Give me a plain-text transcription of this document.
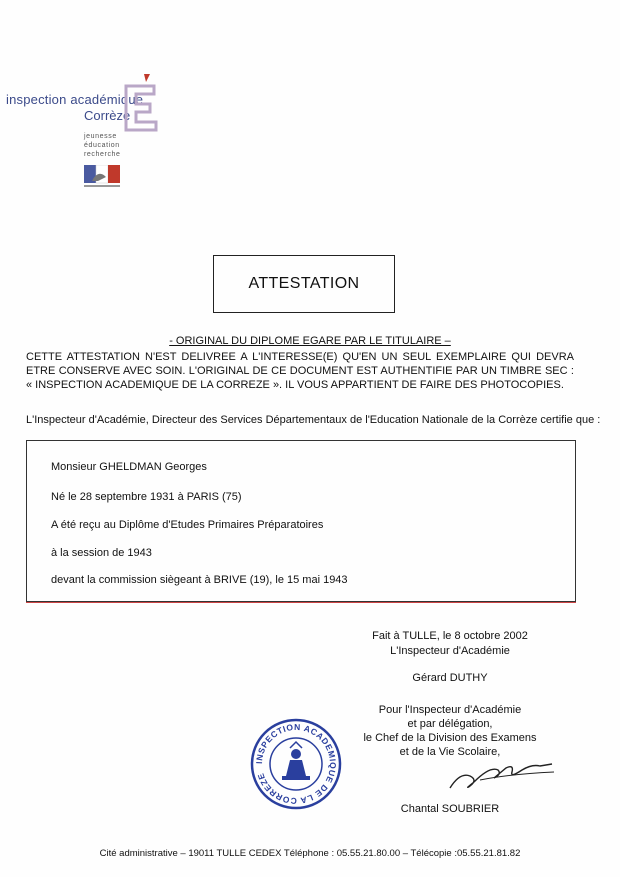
inspection académique
Corrèze
jeunesse
éducation
recherche
ATTESTATION
- ORIGINAL DU DIPLOME EGARE PAR LE TITULAIRE –
CETTE ATTESTATION N'EST DELIVREE A L'INTERESSE(E) QU'EN UN SEUL EXEMPLAIRE QUI DEVRA ETRE CONSERVE AVEC SOIN. L'ORIGINAL DE CE DOCUMENT EST AUTHENTIFIE PAR UN TIMBRE SEC : « INSPECTION ACADEMIQUE DE LA CORREZE ». IL VOUS APPARTIENT DE FAIRE DES PHOTOCOPIES.
L'Inspecteur d'Académie, Directeur des Services Départementaux de l'Education Nationale de la Corrèze certifie que :
Monsieur GHELDMAN Georges
Né le 28 septembre 1931 à PARIS (75)
A été reçu au Diplôme d'Etudes Primaires Préparatoires
à la session de 1943
devant la commission siègeant à BRIVE (19), le 15 mai 1943
Fait à TULLE, le 8 octobre 2002
L'Inspecteur d'Académie
Gérard DUTHY
Pour l'Inspecteur d'Académie
et par délégation,
le Chef de la Division des Examens
et de la Vie Scolaire,
Chantal SOUBRIER
INSPECTION ACADEMIQUE DE LA CORREZE
Cité administrative – 19011 TULLE CEDEX Téléphone : 05.55.21.80.00 – Télécopie :05.55.21.81.82
